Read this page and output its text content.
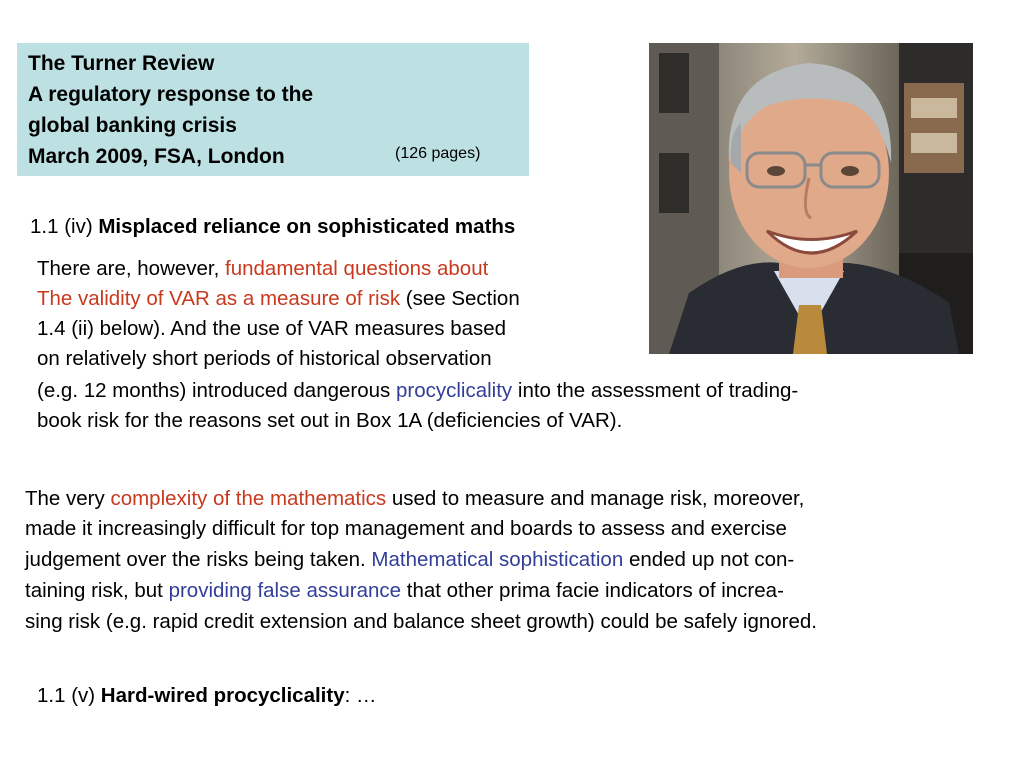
The Turner Review
A regulatory response to the
global banking crisis
March 2009, FSA, London	(126 pages)
1.1 (iv) Misplaced reliance on sophisticated maths
There are, however, fundamental questions about
The validity of VAR as a measure of risk (see Section
1.4 (ii) below). And the use of VAR measures based
on relatively short periods of historical observation
(e.g. 12 months) introduced dangerous procyclicality into the assessment of trading-
book risk for the reasons set out in Box 1A (deficiencies of VAR).
The very complexity of the mathematics used to measure and manage risk, moreover,
made it increasingly difficult for top management and boards to assess and exercise
judgement over the risks being taken. Mathematical sophistication ended up not con-
taining risk, but providing false assurance that other prima facie indicators of increa-
sing risk (e.g. rapid credit extension and balance sheet growth) could be safely ignored.
1.1 (v) Hard-wired procyclicality: …
